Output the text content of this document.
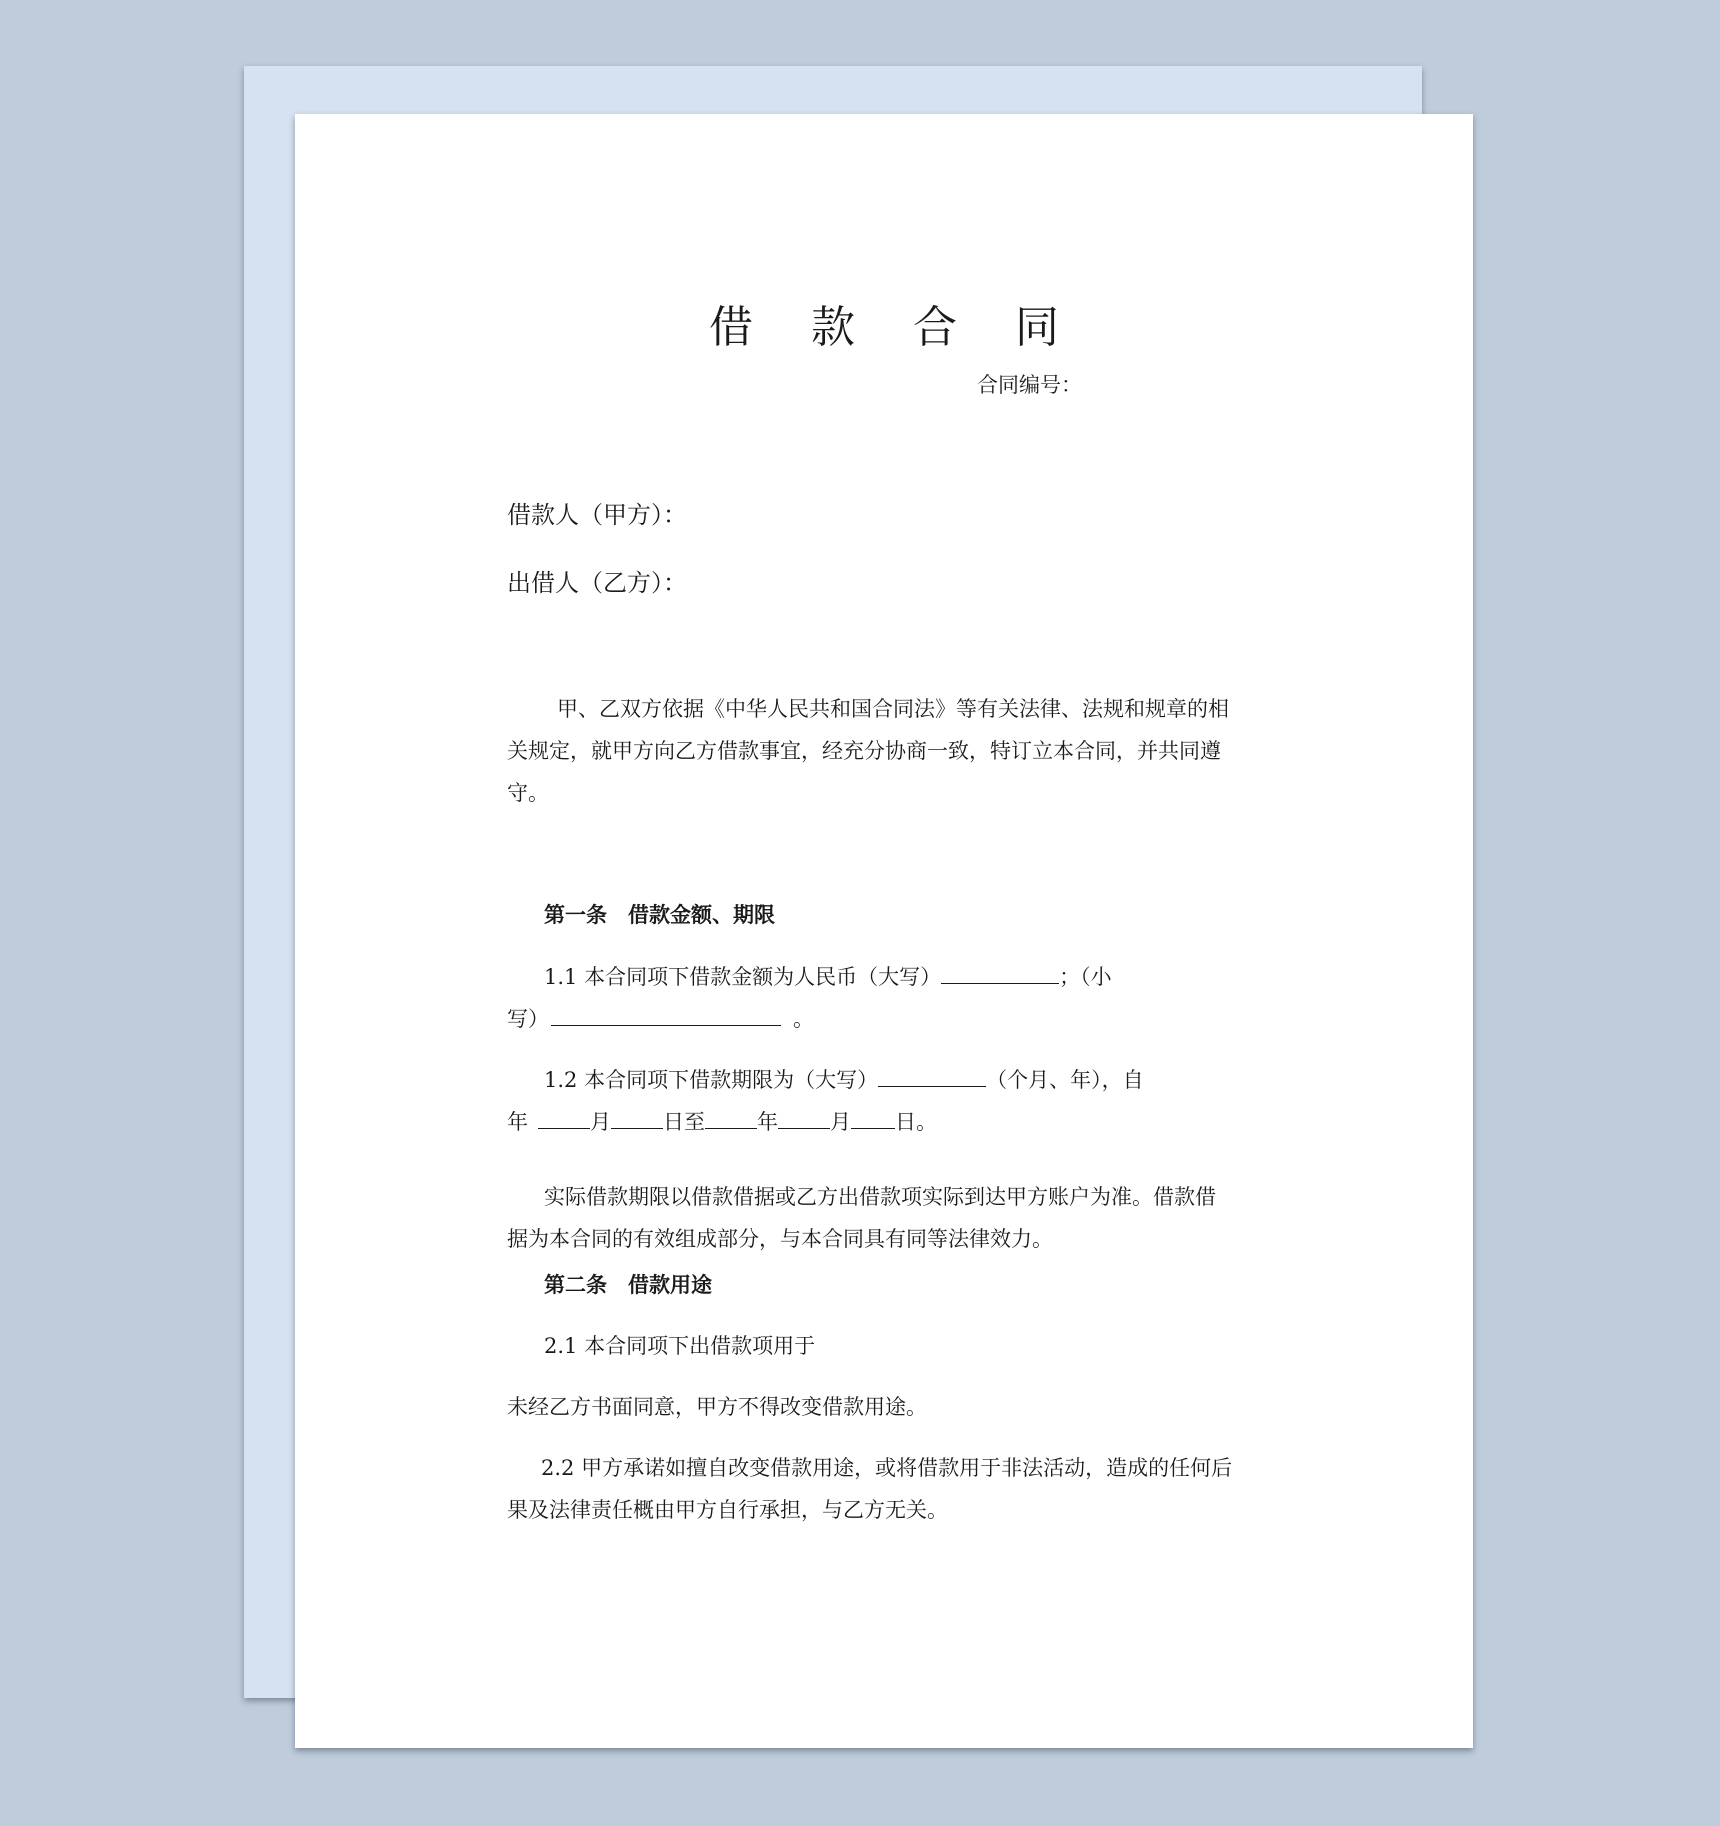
借 款 合 同
合同编号：
借款人（甲方）：
出借人（乙方）：
甲、乙双方依据《中华人民共和国合同法》等有关法律、法规和规章的相
关规定，就甲方向乙方借款事宜，经充分协商一致，特订立本合同，并共同遵
守。
第一条　借款金额、期限
1.1 本合同项下借款金额为人民币（大写）	；（小
写）	。
1.2 本合同项下借款期限为（大写）	（个月、年），自
年	月 日至 年 月 日。
实际借款期限以借款借据或乙方出借款项实际到达甲方账户为准。借款借
据为本合同的有效组成部分，与本合同具有同等法律效力。
第二条　借款用途
2.1 本合同项下出借款项用于
未经乙方书面同意，甲方不得改变借款用途。
2.2 甲方承诺如擅自改变借款用途，或将借款用于非法活动，造成的任何后
果及法律责任概由甲方自行承担，与乙方无关。
